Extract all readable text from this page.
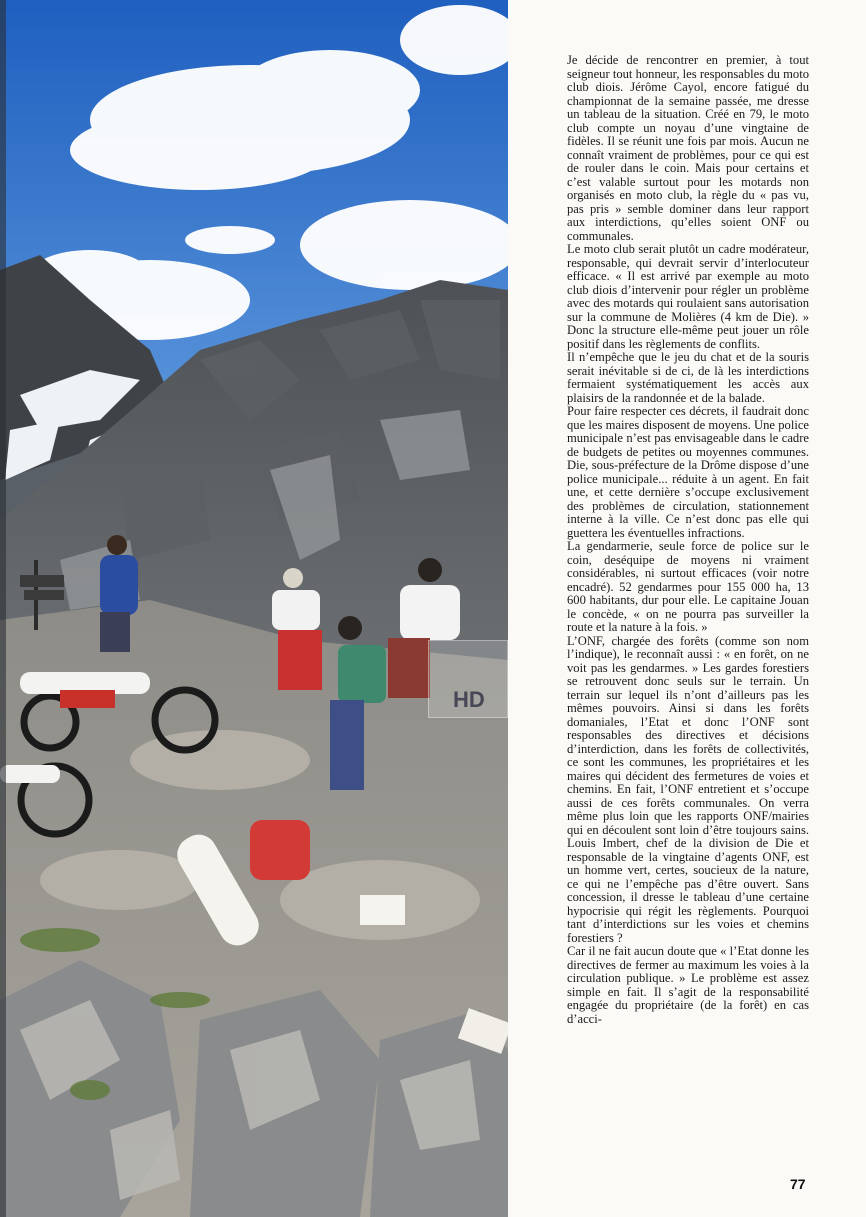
HD

Je décide de rencontrer en premier, à tout seigneur tout honneur, les responsables du moto club diois. Jérôme Cayol, encore fatigué du championnat de la semaine passée, me dresse un tableau de la situation. Créé en 79, le moto club compte un noyau d’une vingtaine de fidèles. Il se réunit une fois par mois. Aucun ne connaît vraiment de problèmes, pour ce qui est de rouler dans le coin. Mais pour certains et c’est valable surtout pour les motards non organisés en moto club, la règle du « pas vu, pas pris » semble dominer dans leur rapport aux interdictions, qu’elles soient ONF ou communales.

Le moto club serait plutôt un cadre modérateur, responsable, qui devrait servir d’interlocuteur efficace. « Il est arrivé par exemple au moto club diois d’intervenir pour régler un problème avec des motards qui roulaient sans autorisation sur la commune de Molières (4 km de Die). » Donc la structure elle-même peut jouer un rôle positif dans les règlements de conflits.

Il n’empêche que le jeu du chat et de la souris serait inévitable si de ci, de là les interdictions fermaient systématiquement les accès aux plaisirs de la randonnée et de la balade.

Pour faire respecter ces décrets, il faudrait donc que les maires disposent de moyens. Une police municipale n’est pas envisageable dans le cadre de budgets de petites ou moyennes communes. Die, sous-préfecture de la Drôme dispose d’une police municipale... réduite à un agent. En fait une, et cette dernière s’occupe exclusivement des problèmes de circulation, stationnement interne à la ville. Ce n’est donc pas elle qui guettera les éventuelles infractions.

La gendarmerie, seule force de police sur le coin, deséquipe de moyens ni vraiment considérables, ni surtout efficaces (voir notre encadré). 52 gendarmes pour 155 000 ha, 13 600 habitants, dur pour elle. Le capitaine Jouan le concède, « on ne pourra pas surveiller la route et la nature à la fois. »

L’ONF, chargée des forêts (comme son nom l’indique), le reconnaît aussi : « en forêt, on ne voit pas les gendarmes. » Les gardes forestiers se retrouvent donc seuls sur le terrain. Un terrain sur lequel ils n’ont d’ailleurs pas les mêmes pouvoirs. Ainsi si dans les forêts domaniales, l’Etat et donc l’ONF sont responsables des directives et décisions d’interdiction, dans les forêts de collectivités, ce sont les communes, les propriétaires et les maires qui décident des fermetures de voies et chemins. En fait, l’ONF entretient et s’occupe aussi de ces forêts communales. On verra même plus loin que les rapports ONF/mairies qui en découlent sont loin d’être toujours sains. Louis Imbert, chef de la division de Die et responsable de la vingtaine d’agents ONF, est un homme vert, certes, soucieux de la nature, ce qui ne l’empêche pas d’être ouvert. Sans concession, il dresse le tableau d’une certaine hypocrisie qui régit les règlements. Pourquoi tant d’interdictions sur les voies et chemins forestiers ?

Car il ne fait aucun doute que « l’Etat donne les directives de fermer au maximum les voies à la circulation publique. » Le problème est assez simple en fait. Il s’agit de la responsabilité engagée du propriétaire (de la forêt) en cas d’acci-

77
